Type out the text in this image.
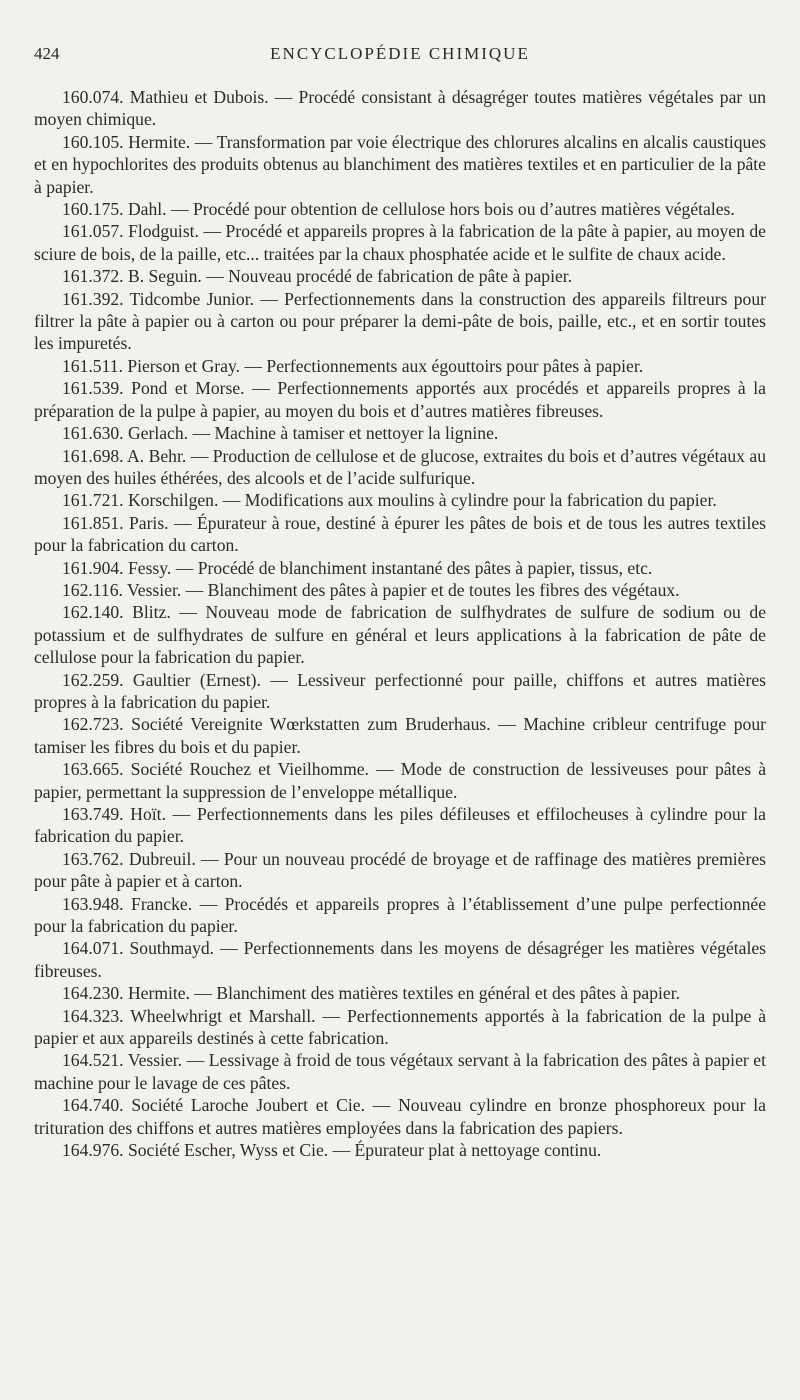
424	ENCYCLOPÉDIE CHIMIQUE

160.074. Mathieu et Dubois. — Procédé consistant à désagréger toutes matières végétales par un moyen chimique.

160.105. Hermite. — Transformation par voie électrique des chlorures alcalins en alcalis caustiques et en hypochlorites des produits obtenus au blanchiment des matières textiles et en particulier de la pâte à papier.

160.175. Dahl. — Procédé pour obtention de cellulose hors bois ou d’autres matières végétales.

161.057. Flodguist. — Procédé et appareils propres à la fabrication de la pâte à papier, au moyen de sciure de bois, de la paille, etc... traitées par la chaux phosphatée acide et le sulfite de chaux acide.

161.372. B. Seguin. — Nouveau procédé de fabrication de pâte à papier.

161.392. Tidcombe Junior. — Perfectionnements dans la construction des appareils filtreurs pour filtrer la pâte à papier ou à carton ou pour préparer la demi-pâte de bois, paille, etc., et en sortir toutes les impuretés.

161.511. Pierson et Gray. — Perfectionnements aux égouttoirs pour pâtes à papier.

161.539. Pond et Morse. — Perfectionnements apportés aux procédés et appareils propres à la préparation de la pulpe à papier, au moyen du bois et d’autres matières fibreuses.

161.630. Gerlach. — Machine à tamiser et nettoyer la lignine.

161.698. A. Behr. — Production de cellulose et de glucose, extraites du bois et d’autres végétaux au moyen des huiles éthérées, des alcools et de l’acide sulfurique.

161.721. Korschilgen. — Modifications aux moulins à cylindre pour la fabrication du papier.

161.851. Paris. — Épurateur à roue, destiné à épurer les pâtes de bois et de tous les autres textiles pour la fabrication du carton.

161.904. Fessy. — Procédé de blanchiment instantané des pâtes à papier, tissus, etc.

162.116. Vessier. — Blanchiment des pâtes à papier et de toutes les fibres des végétaux.

162.140. Blitz. — Nouveau mode de fabrication de sulfhydrates de sulfure de sodium ou de potassium et de sulfhydrates de sulfure en général et leurs applications à la fabrication de pâte de cellulose pour la fabrication du papier.

162.259. Gaultier (Ernest). — Lessiveur perfectionné pour paille, chiffons et autres matières propres à la fabrication du papier.

162.723. Société Vereignite Wœrkstatten zum Bruderhaus. — Machine cribleur centrifuge pour tamiser les fibres du bois et du papier.

163.665. Société Rouchez et Vieilhomme. — Mode de construction de lessiveuses pour pâtes à papier, permettant la suppression de l’enveloppe métallique.

163.749. Hoït. — Perfectionnements dans les piles défileuses et effilocheuses à cylindre pour la fabrication du papier.

163.762. Dubreuil. — Pour un nouveau procédé de broyage et de raffinage des matières premières pour pâte à papier et à carton.

163.948. Francke. — Procédés et appareils propres à l’établissement d’une pulpe perfectionnée pour la fabrication du papier.

164.071. Southmayd. — Perfectionnements dans les moyens de désagréger les matières végétales fibreuses.

164.230. Hermite. — Blanchiment des matières textiles en général et des pâtes à papier.

164.323. Wheelwhrigt et Marshall. — Perfectionnements apportés à la fabrication de la pulpe à papier et aux appareils destinés à cette fabrication.

164.521. Vessier. — Lessivage à froid de tous végétaux servant à la fabrication des pâtes à papier et machine pour le lavage de ces pâtes.

164.740. Société Laroche Joubert et Cie. — Nouveau cylindre en bronze phosphoreux pour la trituration des chiffons et autres matières employées dans la fabrication des papiers.

164.976. Société Escher, Wyss et Cie. — Épurateur plat à nettoyage continu.
